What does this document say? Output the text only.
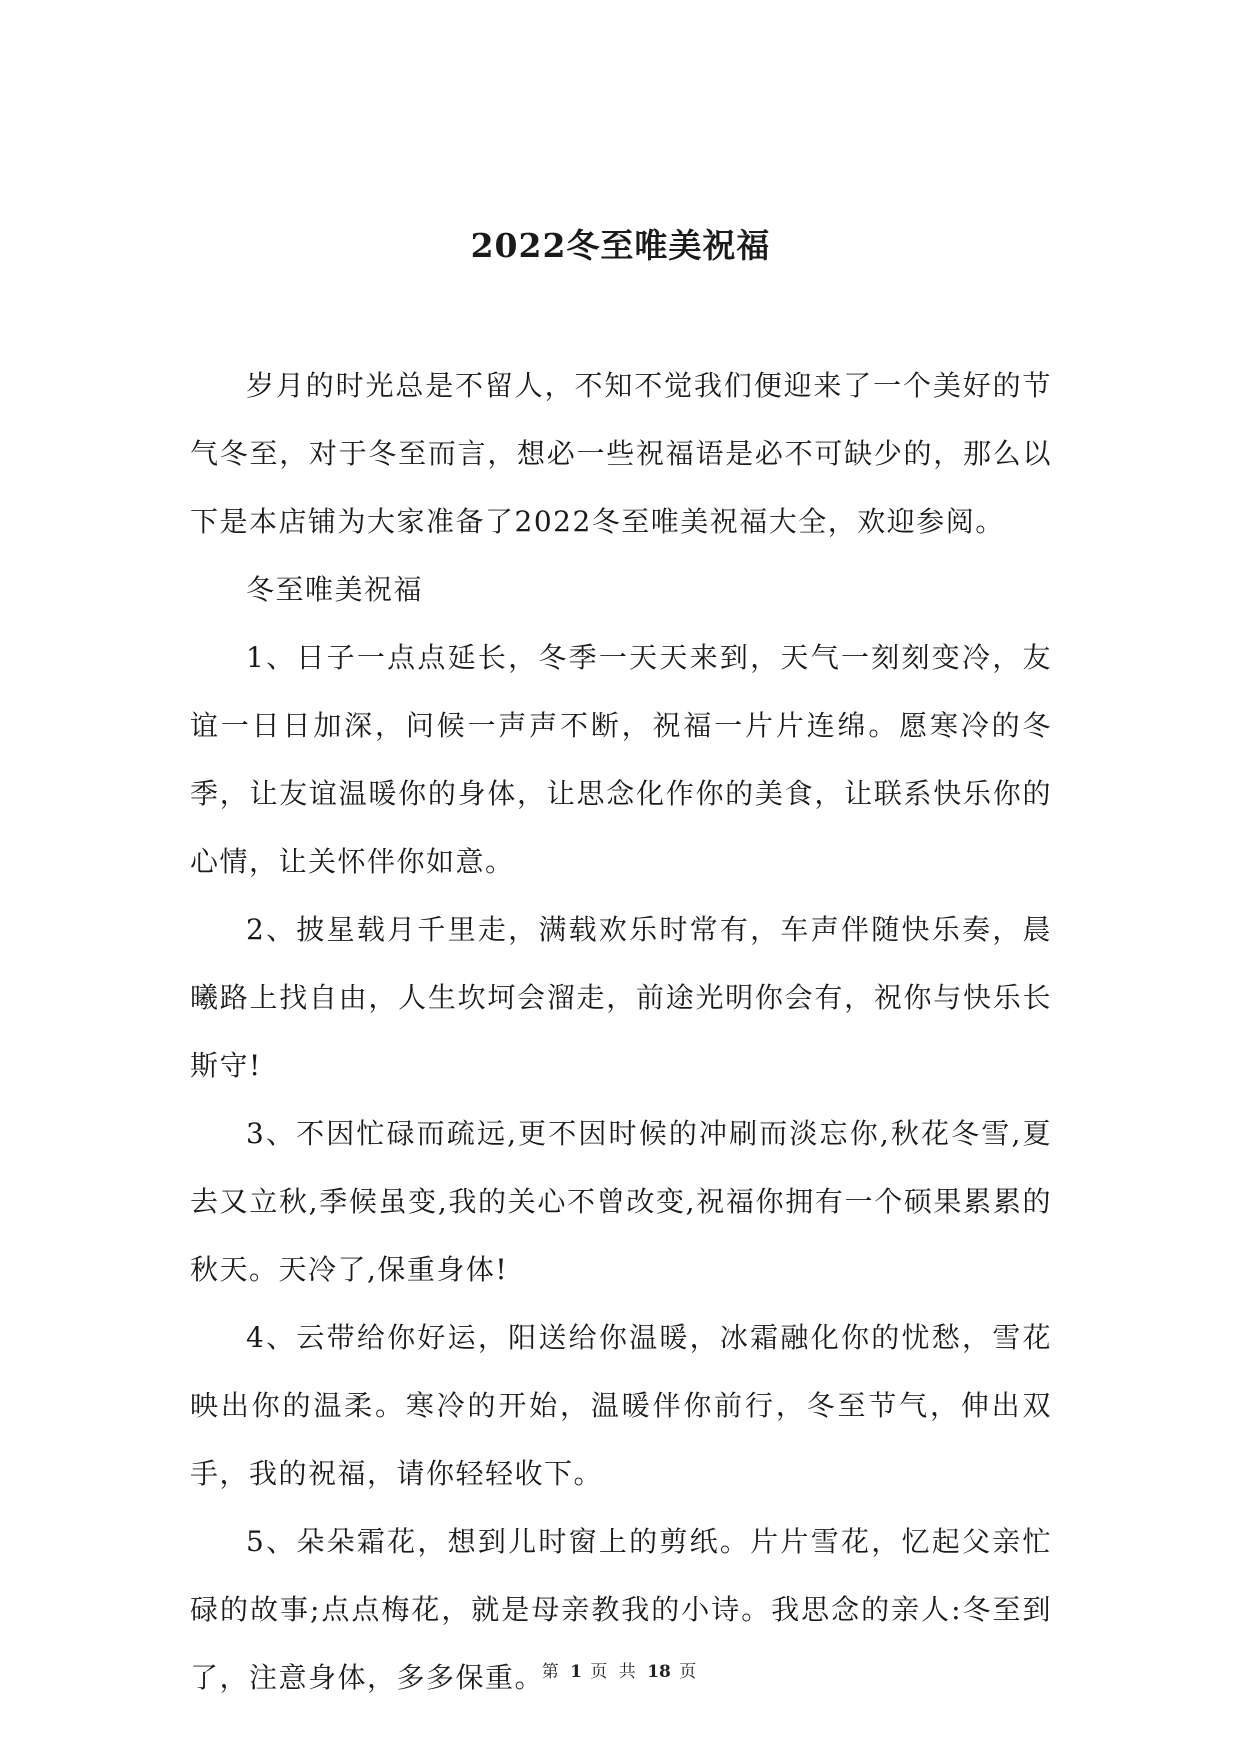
2022冬至唯美祝福

岁月的时光总是不留人，不知不觉我们便迎来了一个美好的节气冬至，对于冬至而言，想必一些祝福语是必不可缺少的，那么以下是本店铺为大家准备了2022冬至唯美祝福大全，欢迎参阅。

冬至唯美祝福

1、日子一点点延长，冬季一天天来到，天气一刻刻变冷，友谊一日日加深，问候一声声不断，祝福一片片连绵。愿寒冷的冬季，让友谊温暖你的身体，让思念化作你的美食，让联系快乐你的心情，让关怀伴你如意。

2、披星载月千里走，满载欢乐时常有，车声伴随快乐奏，晨曦路上找自由，人生坎坷会溜走，前途光明你会有，祝你与快乐长斯守!

3、不因忙碌而疏远,更不因时候的冲刷而淡忘你,秋花冬雪,夏去又立秋,季候虽变,我的关心不曾改变,祝福你拥有一个硕果累累的秋天。天冷了,保重身体!

4、云带给你好运，阳送给你温暖，冰霜融化你的忧愁，雪花映出你的温柔。寒冷的开始，温暖伴你前行，冬至节气，伸出双手，我的祝福，请你轻轻收下。

5、朵朵霜花，想到儿时窗上的剪纸。片片雪花，忆起父亲忙碌的故事;点点梅花，就是母亲教我的小诗。我思念的亲人:冬至到了，注意身体，多多保重。

第 1 页 共 18 页
